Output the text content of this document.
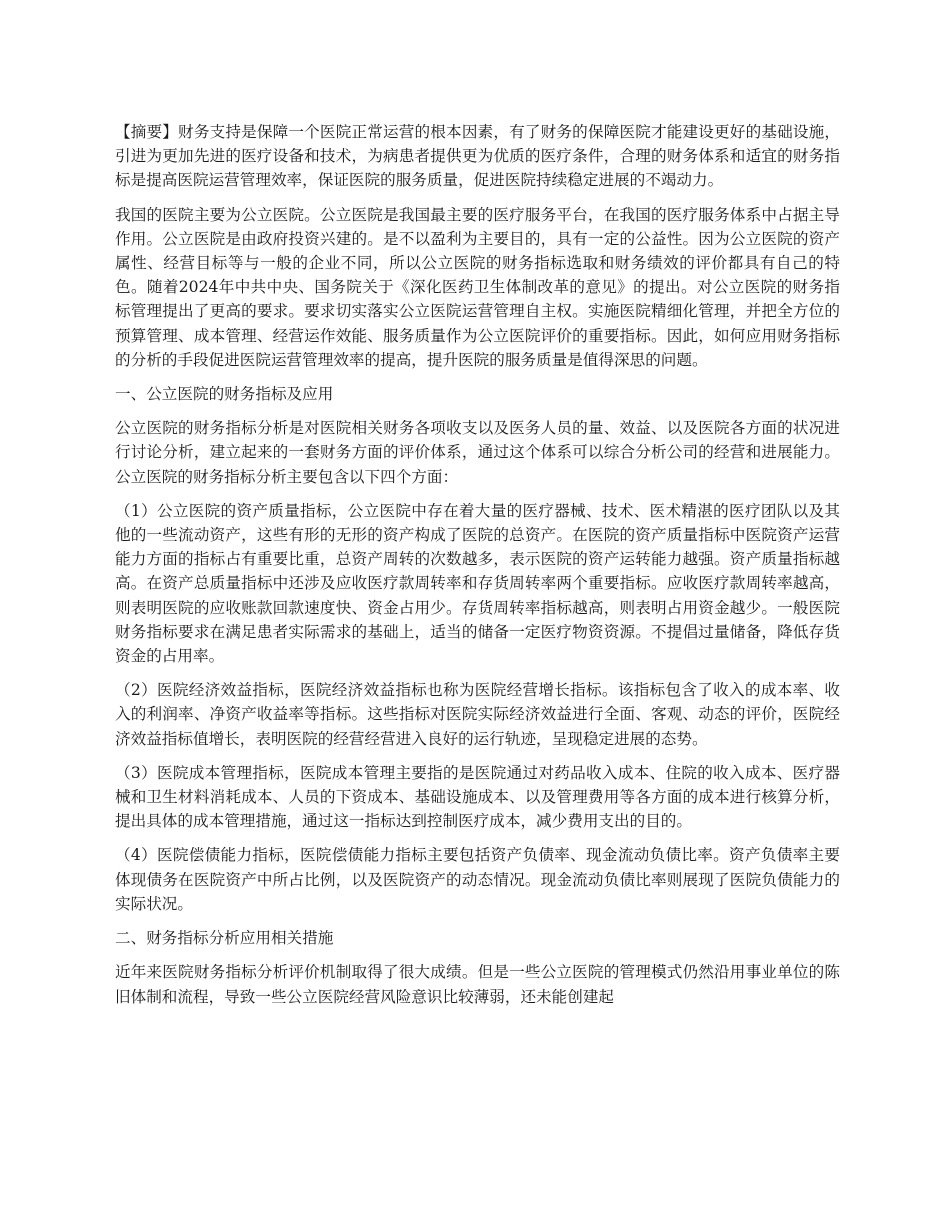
【摘要】财务支持是保障一个医院正常运营的根本因素，有了财务的保障医院才能建设更好的基础设施，引进为更加先进的医疗设备和技术，为病患者提供更为优质的医疗条件，合理的财务体系和适宜的财务指标是提高医院运营管理效率，保证医院的服务质量，促进医院持续稳定进展的不竭动力。

我国的医院主要为公立医院。公立医院是我国最主要的医疗服务平台，在我国的医疗服务体系中占据主导作用。公立医院是由政府投资兴建的。是不以盈利为主要目的，具有一定的公益性。因为公立医院的资产属性、经营目标等与一般的企业不同，所以公立医院的财务指标选取和财务绩效的评价都具有自己的特色。随着2024年中共中央、国务院关于《深化医药卫生体制改革的意见》的提出。对公立医院的财务指标管理提出了更高的要求。要求切实落实公立医院运营管理自主权。实施医院精细化管理，并把全方位的预算管理、成本管理、经营运作效能、服务质量作为公立医院评价的重要指标。因此，如何应用财务指标的分析的手段促进医院运营管理效率的提高，提升医院的服务质量是值得深思的问题。

一、公立医院的财务指标及应用

公立医院的财务指标分析是对医院相关财务各项收支以及医务人员的量、效益、以及医院各方面的状况进行讨论分析，建立起来的一套财务方面的评价体系，通过这个体系可以综合分析公司的经营和进展能力。公立医院的财务指标分析主要包含以下四个方面：

（1）公立医院的资产质量指标，公立医院中存在着大量的医疗器械、技术、医术精湛的医疗团队以及其他的一些流动资产，这些有形的无形的资产构成了医院的总资产。在医院的资产质量指标中医院资产运营能力方面的指标占有重要比重，总资产周转的次数越多，表示医院的资产运转能力越强。资产质量指标越高。在资产总质量指标中还涉及应收医疗款周转率和存货周转率两个重要指标。应收医疗款周转率越高，则表明医院的应收账款回款速度快、资金占用少。存货周转率指标越高，则表明占用资金越少。一般医院财务指标要求在满足患者实际需求的基础上，适当的储备一定医疗物资资源。不提倡过量储备，降低存货资金的占用率。

（2）医院经济效益指标，医院经济效益指标也称为医院经营增长指标。该指标包含了收入的成本率、收入的利润率、净资产收益率等指标。这些指标对医院实际经济效益进行全面、客观、动态的评价，医院经济效益指标值增长，表明医院的经营经营进入良好的运行轨迹，呈现稳定进展的态势。

（3）医院成本管理指标，医院成本管理主要指的是医院通过对药品收入成本、住院的收入成本、医疗器械和卫生材料消耗成本、人员的下资成本、基础设施成本、以及管理费用等各方面的成本进行核算分析，提出具体的成本管理措施，通过这一指标达到控制医疗成本，减少费用支出的目的。

（4）医院偿债能力指标，医院偿债能力指标主要包括资产负债率、现金流动负债比率。资产负债率主要体现债务在医院资产中所占比例，以及医院资产的动态情况。现金流动负债比率则展现了医院负债能力的实际状况。

二、财务指标分析应用相关措施

近年来医院财务指标分析评价机制取得了很大成绩。但是一些公立医院的管理模式仍然沿用事业单位的陈旧体制和流程，导致一些公立医院经营风险意识比较薄弱，还未能创建起
